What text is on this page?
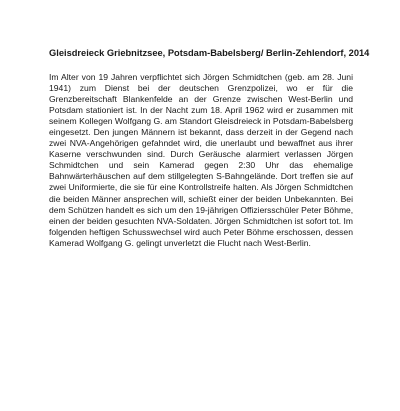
Gleisdreieck Griebnitzsee, Potsdam-Babelsberg/ Berlin-Zehlendorf, 2014

Im Alter von 19 Jahren verpflichtet sich Jörgen Schmidtchen (geb. am 28. Juni
1941) zum Dienst bei der deutschen Grenzpolizei, wo er für die
Grenzbereitschaft Blankenfelde an der Grenze zwischen West-Berlin und
Potsdam stationiert ist. In der Nacht zum 18. April 1962 wird er zusammen mit
seinem Kollegen Wolfgang G. am Standort Gleisdreieck in Potsdam-Babelsberg
eingesetzt. Den jungen Männern ist bekannt, dass derzeit in der Gegend nach
zwei NVA-Angehörigen gefahndet wird, die unerlaubt und bewaffnet aus ihrer
Kaserne verschwunden sind. Durch Geräusche alarmiert verlassen Jörgen
Schmidtchen und sein Kamerad gegen 2:30 Uhr das ehemalige
Bahnwärterhäuschen auf dem stillgelegten S-Bahngelände. Dort treffen sie auf
zwei Uniformierte, die sie für eine Kontrollstreife halten. Als Jörgen Schmidtchen
die beiden Männer ansprechen will, schießt einer der beiden Unbekannten. Bei
dem Schützen handelt es sich um den 19-jährigen Offiziersschüler Peter Böhme,
einen der beiden gesuchten NVA-Soldaten. Jörgen Schmidtchen ist sofort tot. Im
folgenden heftigen Schusswechsel wird auch Peter Böhme erschossen, dessen
Kamerad Wolfgang G. gelingt unverletzt die Flucht nach West-Berlin.
